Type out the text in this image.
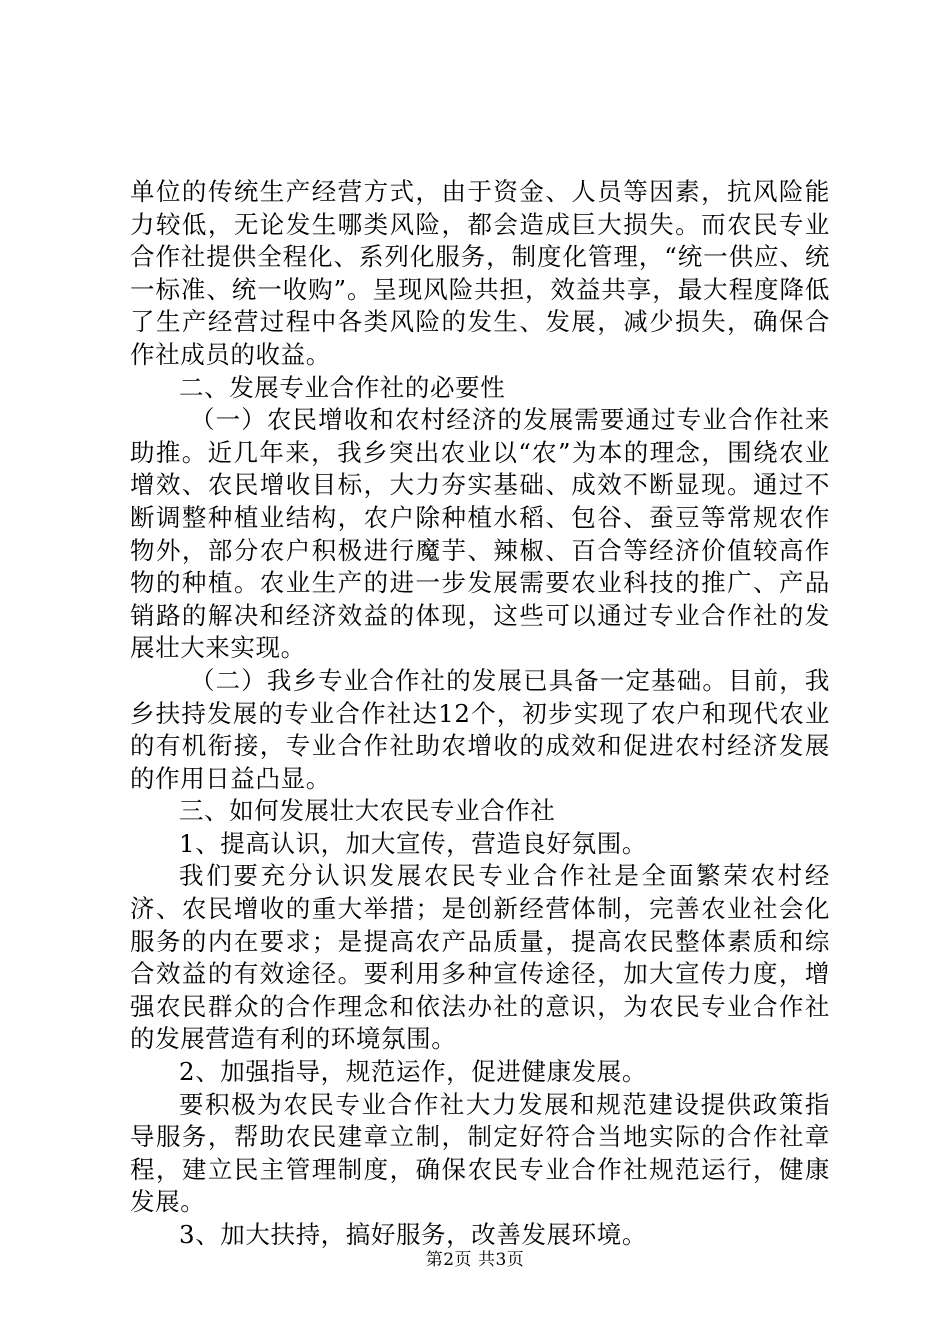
单位的传统生产经营方式，由于资金、人员等因素，抗风险能力较低，无论发生哪类风险，都会造成巨大损失。而农民专业合作社提供全程化、系列化服务，制度化管理，“统一供应、统一标准、统一收购”。呈现风险共担，效益共享，最大程度降低了生产经营过程中各类风险的发生、发展，减少损失，确保合作社成员的收益。

二、发展专业合作社的必要性

（一）农民增收和农村经济的发展需要通过专业合作社来助推。近几年来，我乡突出农业以“农”为本的理念，围绕农业增效、农民增收目标，大力夯实基础、成效不断显现。通过不断调整种植业结构，农户除种植水稻、包谷、蚕豆等常规农作物外，部分农户积极进行魔芋、辣椒、百合等经济价值较高作物的种植。农业生产的进一步发展需要农业科技的推广、产品销路的解决和经济效益的体现，这些可以通过专业合作社的发展壮大来实现。

（二）我乡专业合作社的发展已具备一定基础。目前，我乡扶持发展的专业合作社达12个，初步实现了农户和现代农业的有机衔接，专业合作社助农增收的成效和促进农村经济发展的作用日益凸显。

三、如何发展壮大农民专业合作社

1、提高认识，加大宣传，营造良好氛围。

我们要充分认识发展农民专业合作社是全面繁荣农村经济、农民增收的重大举措；是创新经营体制，完善农业社会化服务的内在要求；是提高农产品质量，提高农民整体素质和综合效益的有效途径。要利用多种宣传途径，加大宣传力度，增强农民群众的合作理念和依法办社的意识，为农民专业合作社的发展营造有利的环境氛围。

2、加强指导，规范运作，促进健康发展。

要积极为农民专业合作社大力发展和规范建设提供政策指导服务，帮助农民建章立制，制定好符合当地实际的合作社章程，建立民主管理制度，确保农民专业合作社规范运行，健康发展。

3、加大扶持，搞好服务，改善发展环境。

第2页 共3页
